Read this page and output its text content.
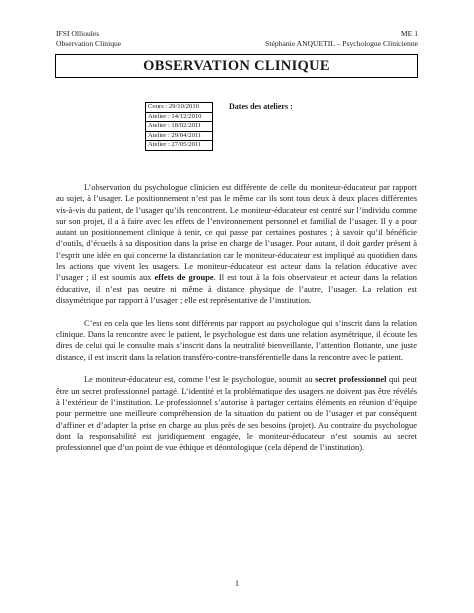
IFSI Ollioules	ME 1
Observation Clinique	Stéphanie ANQUETIL – Psychologue Clinicienne
OBSERVATION CLINIQUE
Cours : 29/10/2010
Atelier : 14/12/2010
Atelier : 18/02/2011
Atelier : 29/04/2011
Atelier : 27/05/2011
Dates des ateliers :

L’observation du psychologue clinicien est différente de celle du moniteur-éducateur par rapport au sujet, à l’usager. Le positionnement n’est pas le même car ils sont tous deux à deux places différentes vis-à-vis du patient, de l’usager qu’ils rencontrent. Le moniteur-éducateur est centré sur l’individu comme sur son projet, il a à faire avec les effets de l’environnement personnel et familial de l’usager. Il y a pour autant un positionnement clinique à tenir, ce qui passe par certaines postures ; à savoir qu’il bénéficie d’outils, d’écueils à sa disposition dans la prise en charge de l’usager. Pour autant, il doit garder présent à l’esprit une idée en qui concerne la distanciation car le moniteur-éducateur est impliqué au quotidien dans les actions que vivent les usagers. Le moniteur-éducateur est acteur dans la relation éducative avec l’usager ; il est soumis aux effets de groupe. Il est tout à la fois observateur et acteur dans la relation éducative, il n’est pas neutre ni même à distance physique de l’autre, l’usager. La relation est dissymétrique par rapport à l’usager ; elle est représentative de l’institution.

C’est en cela que les liens sont différents par rapport au psychologue qui s’inscrit dans la relation clinique. Dans la rencontre avec le patient, le psychologue est dans une relation asymétrique, il écoute les dires de celui qui le consulte mais s’inscrit dans la neutralité bienveillante, l’attention flottante, une juste distance, il est inscrit dans la relation transféro-contre-transférentielle dans la rencontre avec le patient.

Le moniteur-éducateur est, comme l’est le psychologue, soumit au secret professionnel qui peut être un secret professionnel partagé. L’identité et la problématique des usagers ne doivent pas être révélés à l’extérieur de l’institution. Le professionnel s’autorise à partager certains éléments en réunion d’équipe pour permettre une meilleure compréhension de la situation du patient ou de l’usager et par conséquent d’affiner et d’adapter la prise en charge au plus près de ses besoins (projet). Au contraire du psychologue dont la responsabilité est juridiquement engagée, le moniteur-éducateur n’est soumis au secret professionnel que d’un point de vue éthique et déontologique (cela dépend de l’institution).

1
